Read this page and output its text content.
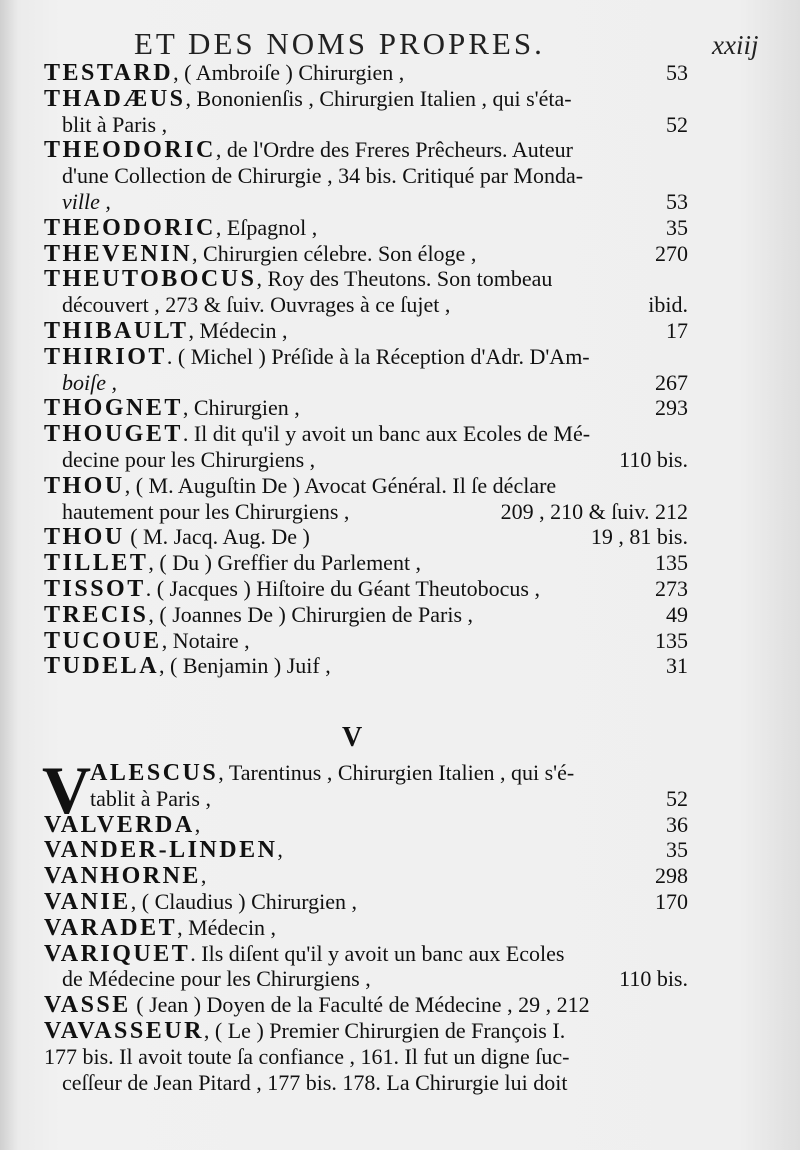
ET DES NOMS PROPRES.	xxiij
TESTARD, ( Ambroiſe ) Chirurgien ,	53
THADÆUS, Bononienſis , Chirurgien Italien , qui s'éta-
blit à Paris ,	52
THEODORIC, de l'Ordre des Freres Prêcheurs. Auteur
d'une Collection de Chirurgie , 34 bis. Critiqué par Monda-
ville ,	53
THEODORIC, Eſpagnol ,	35
THEVENIN, Chirurgien célebre. Son éloge ,	270
THEUTOBOCUS, Roy des Theutons. Son tombeau
découvert , 273 & ſuiv. Ouvrages à ce ſujet ,	ibid.
THIBAULT, Médecin ,	17
THIRIOT. ( Michel ) Préſide à la Réception d'Adr. D'Am-
boiſe ,	267
THOGNET, Chirurgien ,	293
THOUGET. Il dit qu'il y avoit un banc aux Ecoles de Mé-
decine pour les Chirurgiens ,	110 bis.
THOU, ( M. Auguſtin De ) Avocat Général. Il ſe déclare
hautement pour les Chirurgiens ,	209 , 210 & ſuiv. 212
THOU ( M. Jacq. Aug. De )	19 , 81 bis.
TILLET, ( Du ) Greffier du Parlement ,	135
TISSOT. ( Jacques ) Hiſtoire du Géant Theutobocus ,	273
TRECIS, ( Joannes De ) Chirurgien de Paris ,	49
TUCOUE, Notaire ,	135
TUDELA, ( Benjamin ) Juif ,	31
V
V
ALESCUS, Tarentinus , Chirurgien Italien , qui s'é-
tablit à Paris ,	52
VALVERDA,	36
VANDER-LINDEN,	35
VANHORNE,	298
VANIE, ( Claudius ) Chirurgien ,	170
VARADET, Médecin ,
VARIQUET. Ils diſent qu'il y avoit un banc aux Ecoles
de Médecine pour les Chirurgiens ,	110 bis.
VASSE ( Jean ) Doyen de la Faculté de Médecine , 29 , 212
VAVASSEUR, ( Le ) Premier Chirurgien de François I.
177 bis. Il avoit toute ſa confiance , 161. Il fut un digne ſuc-
ceſſeur de Jean Pitard , 177 bis. 178. La Chirurgie lui doit
